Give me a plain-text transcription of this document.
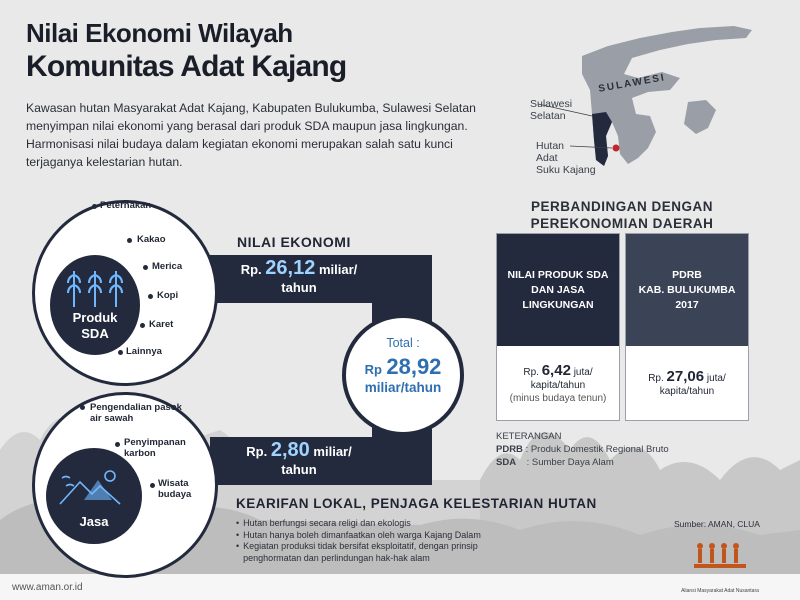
Nilai Ekonomi Wilayah
Komunitas Adat Kajang
Kawasan hutan Masyarakat Adat Kajang, Kabupaten Bulukumba, Sulawesi Selatan menyimpan nilai ekonomi yang berasal dari produk SDA maupun jasa lingkungan. Harmonisasi nilai budaya dalam kegiatan ekonomi merupakan salah satu kunci terjaganya kelestarian hutan.
SULAWESI
Sulawesi
Selatan
Hutan
Adat
Suku Kajang
Produk
SDA
Peternakan
Kakao
Merica
Kopi
Karet
Lainnya
Jasa
Pengendalian pasok air sawah
Penyimpanan karbon
Wisata budaya
NILAI EKONOMI
Rp. 26,12 miliar/
tahun
Rp. 2,80 miliar/
tahun
Total :
Rp 28,92
miliar/tahun
PERBANDINGAN DENGAN
PEREKONOMIAN DAERAH
NILAI PRODUK SDA
DAN JASA LINGKUNGAN
Rp. 6,42 juta/
kapita/tahun
(minus budaya tenun)
PDRB
KAB. BULUKUMBA
2017
Rp. 27,06 juta/
kapita/tahun
KETERANGAN
PDRB : Produk Domestik Regional Bruto
SDA : Sumber Daya Alam
KEARIFAN LOKAL, PENJAGA KELESTARIAN HUTAN
• Hutan berfungsi secara religi dan ekologis
• Hutan hanya boleh dimanfaatkan oleh warga Kajang Dalam
• Kegiatan produksi tidak bersifat eksploitatif, dengan prinsip penghormatan dan perlindungan hak-hak alam
Sumber: AMAN, CLUA
Aliansi Masyarakat Adat Nusantara
www.aman.or.id
